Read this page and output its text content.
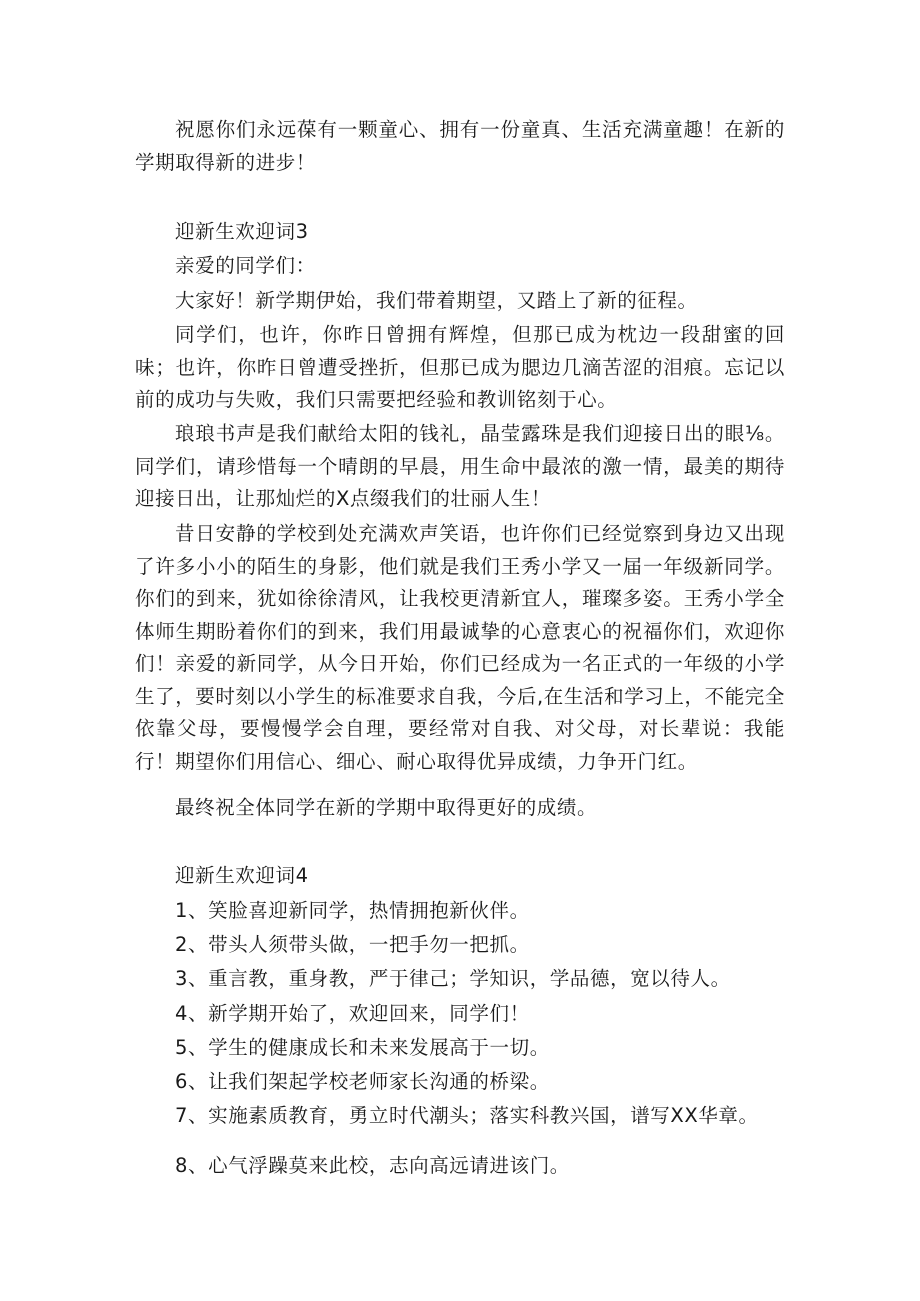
祝愿你们永远葆有一颗童心、拥有一份童真、生活充满童趣！在新的学期取得新的进步！
迎新生欢迎词3
亲爱的同学们：
大家好！新学期伊始，我们带着期望，又踏上了新的征程。
同学们，也许，你昨日曾拥有辉煌，但那已成为枕边一段甜蜜的回味；也许，你昨日曾遭受挫折，但那已成为腮边几滴苦涩的泪痕。忘记以前的成功与失败，我们只需要把经验和教训铭刻于心。
琅琅书声是我们献给太阳的钱礼，晶莹露珠是我们迎接日出的眼⅛。同学们，请珍惜每一个晴朗的早晨，用生命中最浓的激一情，最美的期待迎接日出，让那灿烂的X点缀我们的壮丽人生！
昔日安静的学校到处充满欢声笑语，也许你们已经觉察到身边又出现了许多小小的陌生的身影，他们就是我们王秀小学又一届一年级新同学。你们的到来，犹如徐徐清风，让我校更清新宜人，璀璨多姿。王秀小学全体师生期盼着你们的到来，我们用最诚挚的心意衷心的祝福你们，欢迎你们！亲爱的新同学，从今日开始，你们已经成为一名正式的一年级的小学生了，要时刻以小学生的标准要求自我，今后,在生活和学习上，不能完全依靠父母，要慢慢学会自理，要经常对自我、对父母，对长辈说：我能行！期望你们用信心、细心、耐心取得优异成绩，力争开门红。
最终祝全体同学在新的学期中取得更好的成绩。
迎新生欢迎词4
1、笑脸喜迎新同学，热情拥抱新伙伴。
2、带头人须带头做，一把手勿一把抓。
3、重言教，重身教，严于律己；学知识，学品德，宽以待人。
4、新学期开始了，欢迎回来，同学们！
5、学生的健康成长和未来发展高于一切。
6、让我们架起学校老师家长沟通的桥梁。
7、实施素质教育，勇立时代潮头；落实科教兴国，谱写XX华章。
8、心气浮躁莫来此校，志向高远请进该门。
